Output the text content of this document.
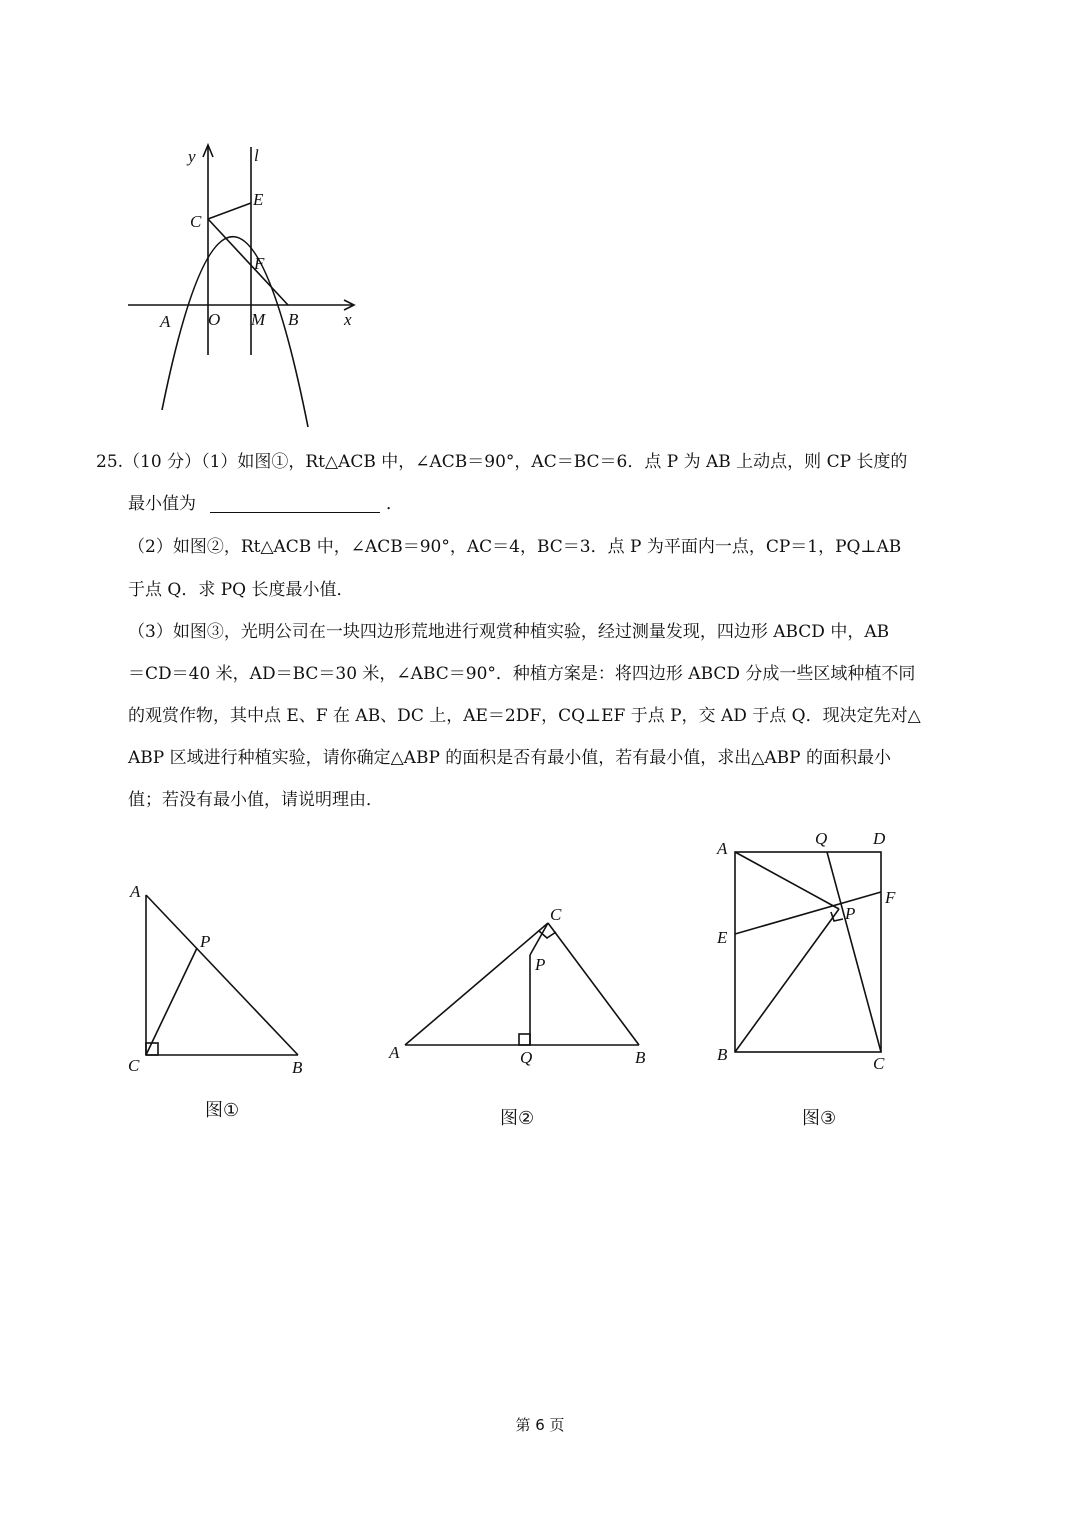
y	l
C
E
F
A O M B	x
25.（10 分）（1）如图①，Rt△ACB 中，∠ACB＝90°，AC＝BC＝6．点 P 为 AB 上动点，则 CP 长度的
最小值为	．
（2）如图②，Rt△ACB 中，∠ACB＝90°，AC＝4，BC＝3．点 P 为平面内一点，CP＝1，PQ⊥AB
于点 Q．求 PQ 长度最小值．
（3）如图③，光明公司在一块四边形荒地进行观赏种植实验，经过测量发现，四边形 ABCD 中，AB
＝CD＝40 米，AD＝BC＝30 米，∠ABC＝90°．种植方案是：将四边形 ABCD 分成一些区域种植不同
的观赏作物，其中点 E、F 在 AB、DC 上，AE＝2DF，CQ⊥EF 于点 P，交 AD 于点 Q．现决定先对△
ABP 区域进行种植实验，请你确定△ABP 的面积是否有最小值，若有最小值，求出△ABP 的面积最小
值；若没有最小值，请说明理由．
A
P
C	B
图①
C
P
A	Q	B
图②
Q	D
A
F
P
E
B	C
图③
第 6 页
